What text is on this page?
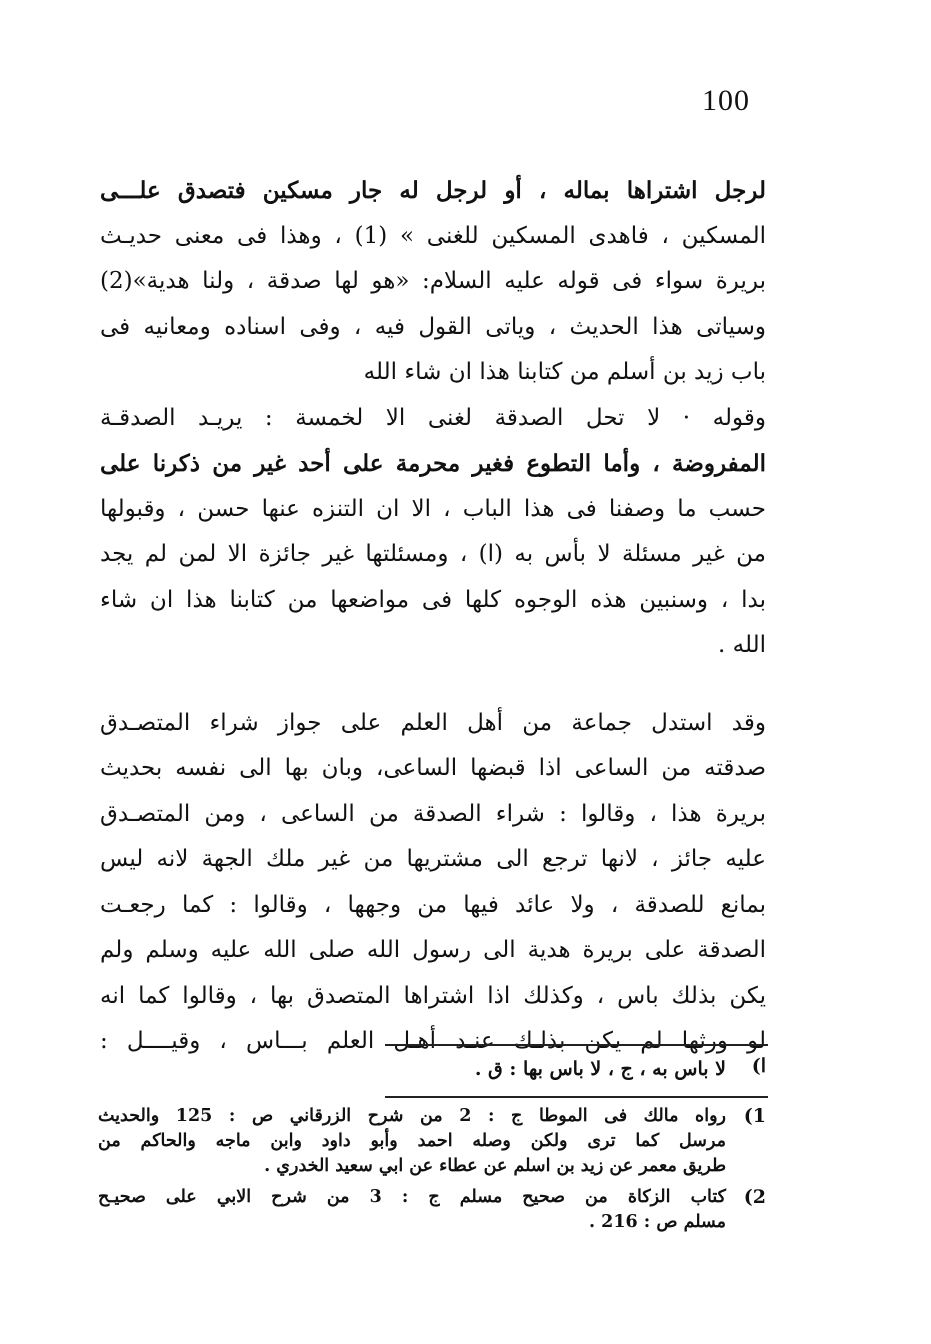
100
لرجل اشتراها بماله ، أو لرجل له جار مسكين فتصدق علـــى
المسكين ، فاهدى المسكين للغنى » (1) ، وهذا فى معنى حديـث
بريرة سواء فى قوله عليه السلام: «هو لها صدقة ، ولنا هدية»(2)
وسياتى هذا الحديث ، وياتى القول فيه ، وفى اسناده ومعانيه فى
باب زيد بن أسلم من كتابنا هذا ان شاء الله
وقوله · لا تحل الصدقة لغنى الا لخمسة : يريـد الصدقـة
المفروضة ، وأما التطوع فغير محرمة على أحد غير من ذكرنا على
حسب ما وصفنا فى هذا الباب ، الا ان التنزه عنها حسن ، وقبولها
من غير مسئلة لا بأس به (ا) ، ومسئلتها غير جائزة الا لمن لم يجد
بدا ، وسنبين هذه الوجوه كلها فى مواضعها من كتابنا هذا ان شاء
الله .
وقد استدل جماعة من أهل العلم على جواز شراء المتصـدق
صدقته من الساعى اذا قبضها الساعى، وبان بها الى نفسه بحديث
بريرة هذا ، وقالوا : شراء الصدقة من الساعى ، ومن المتصـدق
عليه جائز ، لانها ترجع الى مشتريها من غير ملك الجهة لانه ليس
بمانع للصدقة ، ولا عائد فيها من وجهها ، وقالوا : كما رجعـت
الصدقة على بريرة هدية الى رسول الله صلى الله عليه وسلم ولم
يكن بذلك باس ، وكذلك اذا اشتراها المتصدق بها ، وقالوا كما انه
لو ورثها لم يكن بذلـك عنـد أهـل العلم بـــاس ، وقيــــل :
ا)
لا باس به ، ج ، لا باس بها : ق .
1)
رواه مالك فى الموطا ج : 2 من شرح الزرقاني ص : 125 والحديث
مرسل كما ترى ولكن وصله احمد وأبو داود وابن ماجه والحاكم من
طريق معمر عن زيد بن اسلم عن عطاء عن ابي سعيد الخدري .
2)
كتاب الزكاة من صحيح مسلم ج : 3 من شرح الابي على صحيـح
مسلم ص : 216 .
